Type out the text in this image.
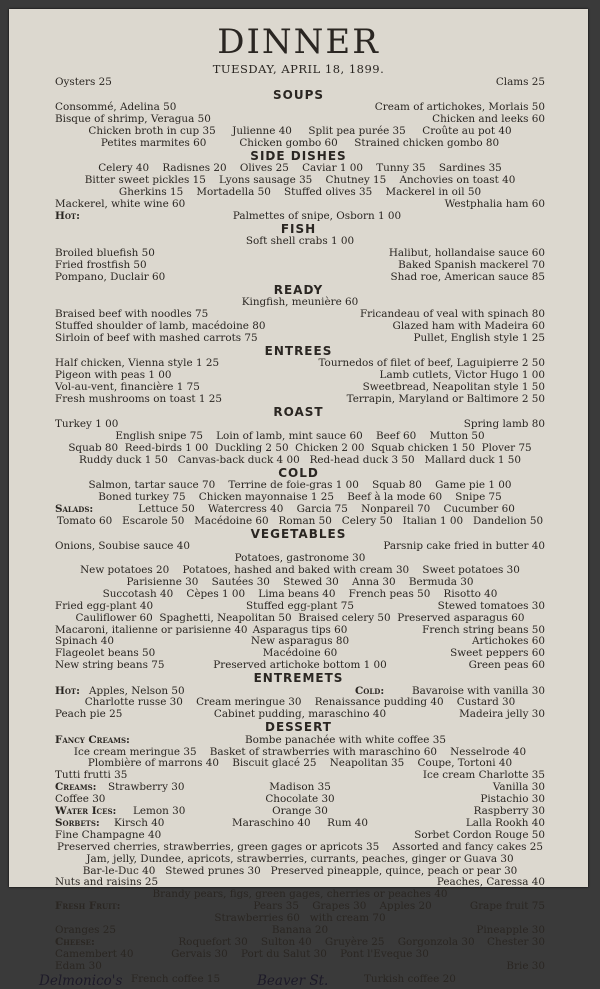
DINNER
TUESDAY, APRIL 18, 1899.
Oysters 25	Clams 25
SOUPS
Consommé, Adelina 50	Cream of artichokes, Morlais 50
Bisque of shrimp, Veragua 50	Chicken and leeks 60
Chicken broth in cup 35     Julienne 40     Split pea purée 35     Croûte au pot 40
Petites marmites 60          Chicken gombo 60     Strained chicken gombo 80
SIDE DISHES
Celery 40    Radisnes 20    Olives 25    Caviar 1 00    Tunny 35    Sardines 35
Bitter sweet pickles 15    Lyons sausage 35    Chutney 15    Anchovies on toast 40
Gherkins 15    Mortadella 50    Stuffed olives 35    Mackerel in oil 50
Mackerel, white wine 60	Westphalia ham 60
Hot:	Palmettes of snipe, Osborn 1 00
FISH
Soft shell crabs 1 00
Broiled bluefish 50	Halibut, hollandaise sauce 60
Fried frostfish 50	Baked Spanish mackerel 70
Pompano, Duclair 60	Shad roe, American sauce 85
READY
Kingfish, meunière 60
Braised beef with noodles 75	Fricandeau of veal with spinach 80
Stuffed shoulder of lamb, macédoine 80	Glazed ham with Madeira 60
Sirloin of beef with mashed carrots 75	Pullet, English style 1 25
ENTREES
Half chicken, Vienna style 1 25	Tournedos of filet of beef, Laguipierre 2 50
Pigeon with peas 1 00	Lamb cutlets, Victor Hugo 1 00
Vol-au-vent, financière 1 75	Sweetbread, Neapolitan style 1 50
Fresh mushrooms on toast 1 25	Terrapin, Maryland or Baltimore 2 50
ROAST
Turkey 1 00	Spring lamb 80
English snipe 75    Loin of lamb, mint sauce 60    Beef 60    Mutton 50
Squab 80  Reed-birds 1 00  Duckling 2 50  Chicken 2 00  Squab chicken 1 50  Plover 75
Ruddy duck 1 50   Canvas-back duck 4 00   Red-head duck 3 50   Mallard duck 1 50
COLD
Salmon, tartar sauce 70    Terrine de foie-gras 1 00    Squab 80    Game pie 1 00
Boned turkey 75    Chicken mayonnaise 1 25    Beef à la mode 60    Snipe 75
Salads:	Lettuce 50    Watercress 40    Garcia 75    Nonpareil 70    Cucumber 60
Tomato 60   Escarole 50   Macédoine 60   Roman 50   Celery 50   Italian 1 00   Dandelion 50
VEGETABLES
Onions, Soubise sauce 40	Parsnip cake fried in butter 40
Potatoes, gastronome 30
New potatoes 20    Potatoes, hashed and baked with cream 30    Sweet potatoes 30
Parisienne 30    Sautées 30    Stewed 30    Anna 30    Bermuda 30
Succotash 40    Cèpes 1 00    Lima beans 40    French peas 50    Risotto 40
Fried egg-plant 40	Stuffed egg-plant 75	Stewed tomatoes 30
Cauliflower 60  Spaghetti, Neapolitan 50  Braised celery 50  Preserved asparagus 60
Macaroni, italienne or parisienne 40 Asparagus tips 60	French string beans 50
Spinach 40	New asparagus 80	Artichokes 60
Flageolet beans 50	Macédoine 60	Sweet peppers 60
New string beans 75	Preserved artichoke bottom 1 00	Green peas 60
ENTREMETS
Hot: Apples, Nelson 50	Cold:	Bavaroise with vanilla 30
Charlotte russe 30    Cream meringue 30    Renaissance pudding 40    Custard 30
Peach pie 25	Cabinet pudding, maraschino 40	Madeira jelly 30
DESSERT
Fancy Creams:	Bombe panachée with white coffee 35
Ice cream meringue 35    Basket of strawberries with maraschino 60    Nesselrode 40
Plombière of marrons 40    Biscuit glacé 25    Neapolitan 35    Coupe, Tortoni 40
Tutti frutti 35	Ice cream Charlotte 35
Creams: Strawberry 30	Madison 35	Vanilla 30
Coffee 30	Chocolate 30	Pistachio 30
Water Ices: Lemon 30	Orange 30	Raspberry 30
Sorbets: Kirsch 40	Maraschino 40     Rum 40	Lalla Rookh 40
Fine Champagne 40	Sorbet Cordon Rouge 50
Preserved cherries, strawberries, green gages or apricots 35    Assorted and fancy cakes 25
Jam, jelly, Dundee, apricots, strawberries, currants, peaches, ginger or Guava 30
Bar-le-Duc 40   Stewed prunes 30   Preserved pineapple, quince, peach or pear 30
Nuts and raisins 25	Peaches, Caressa 40
Brandy pears, figs, green gages, cherries or peaches 40
Fresh Fruit:	Pears 35    Grapes 30    Apples 20	Grape fruit 75
Strawberries 60   with cream 70
Oranges 25	Banana 20	Pineapple 30
Cheese:	Roquefort 30    Sulton 40    Gruyère 25    Gorgonzola 30	Chester 30
Camembert 40	Gervais 30    Port du Salut 30    Pont l'Eveque 30
Edam 30	Brie 30
Delmonico's French coffee 15	Beaver St.	Turkish coffee 20
